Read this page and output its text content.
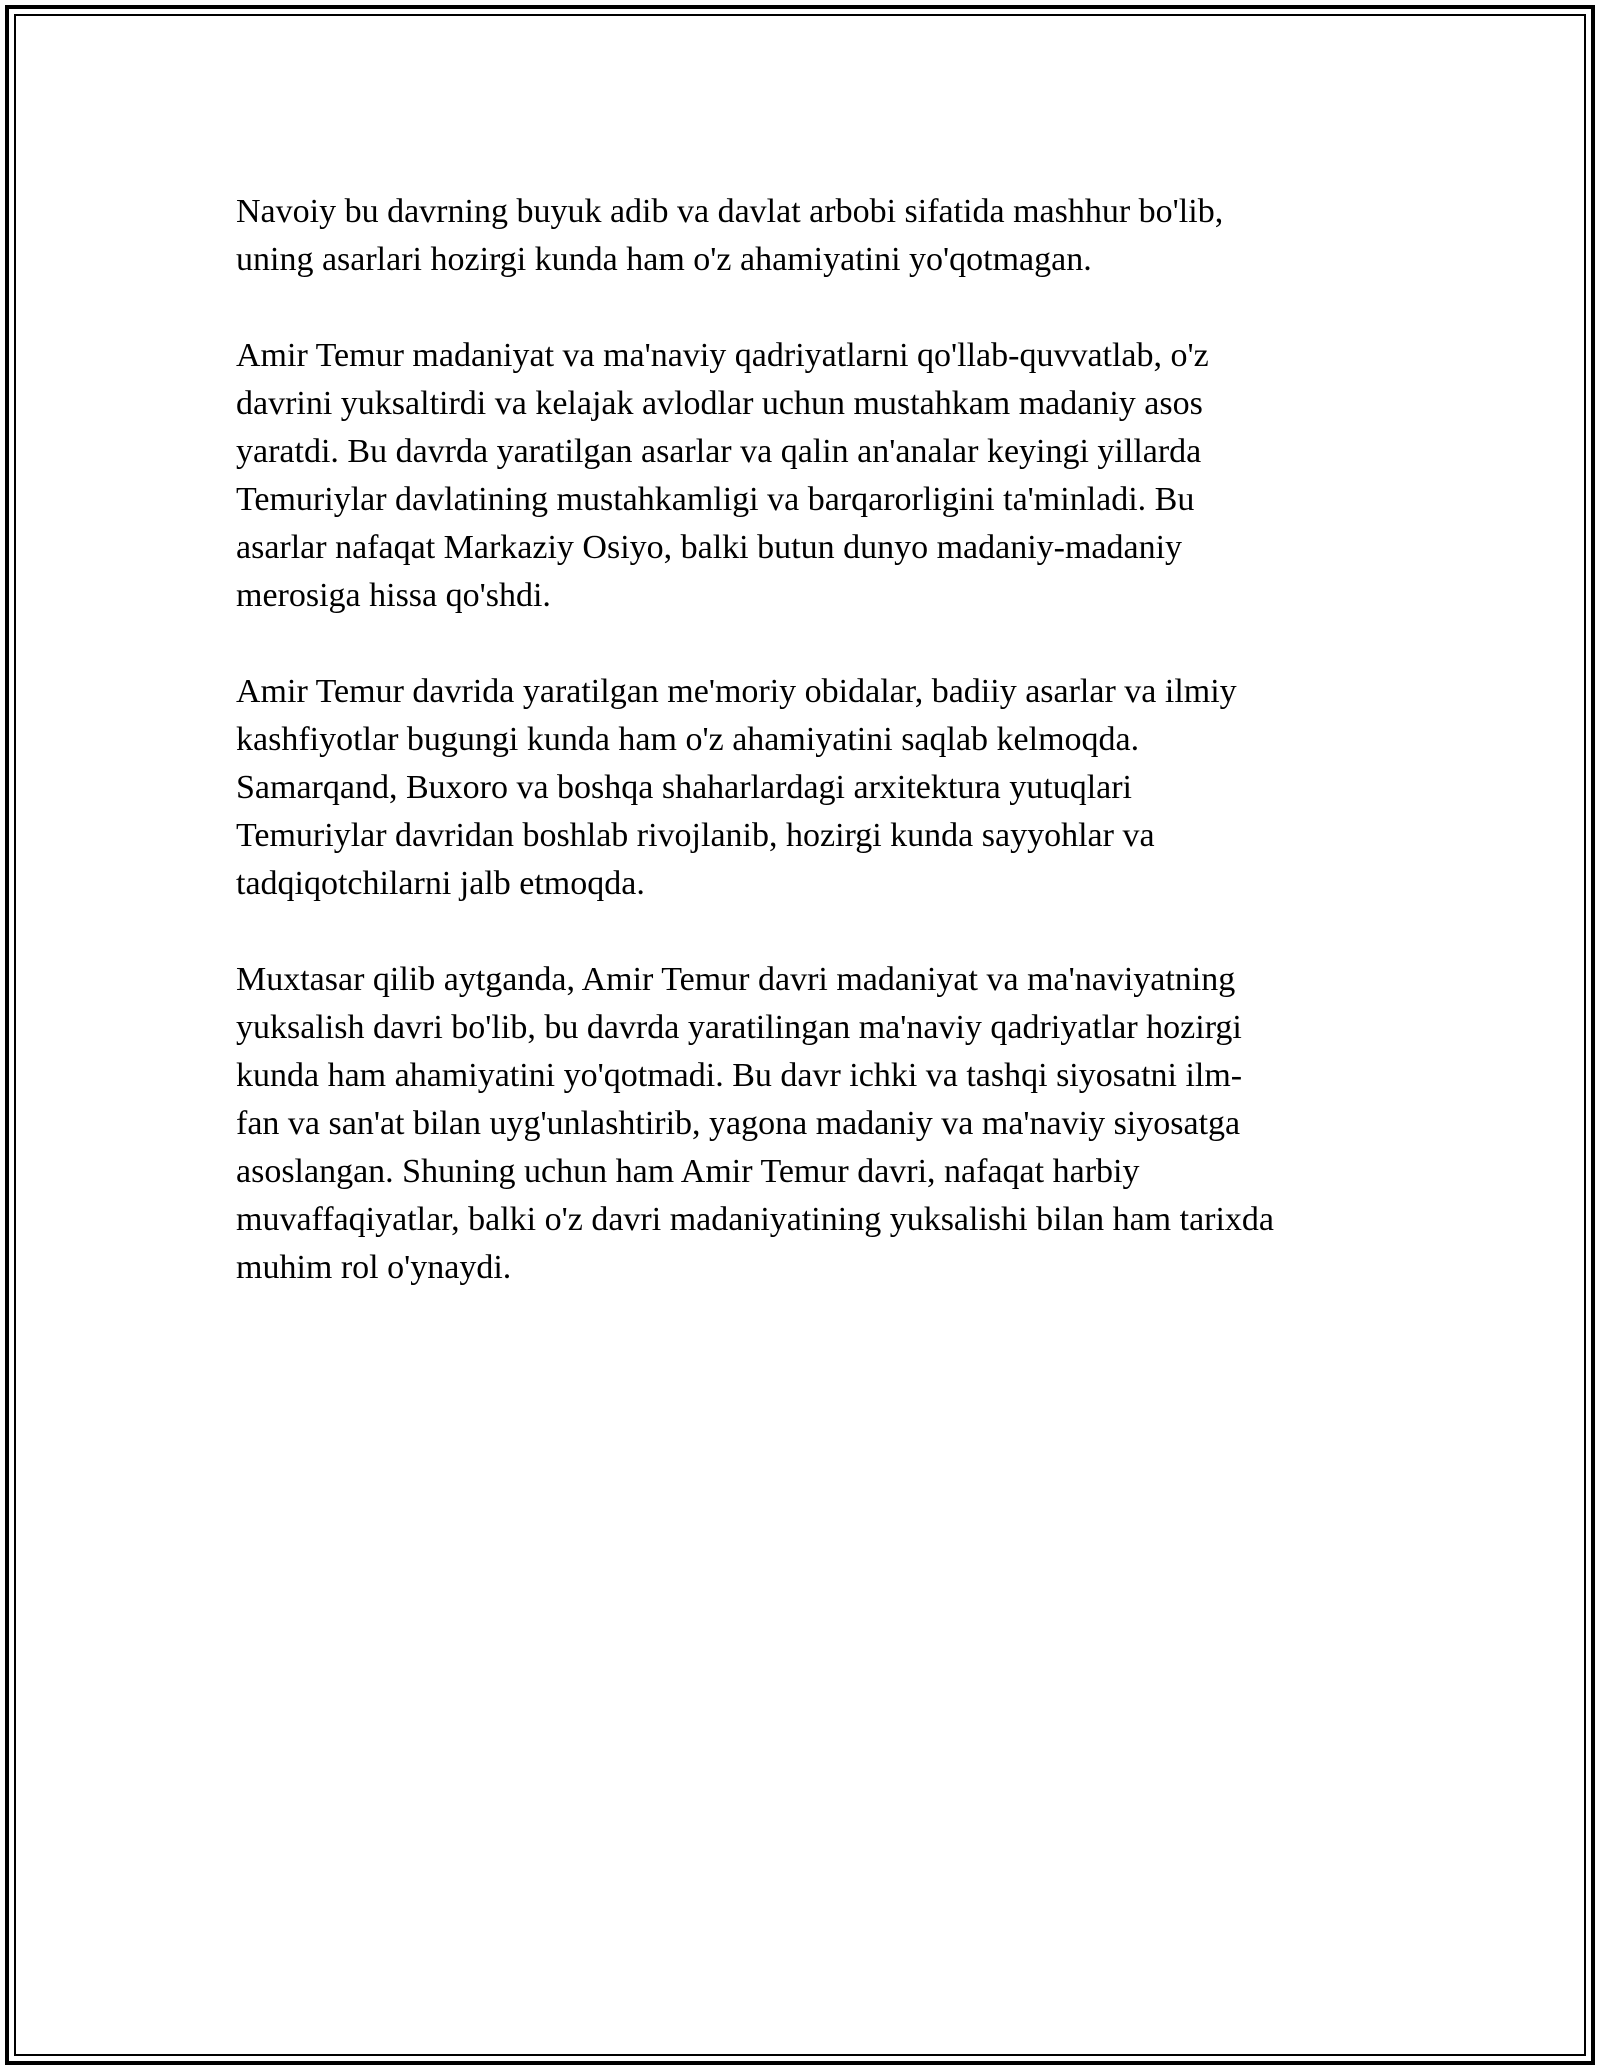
Navoiy bu davrning buyuk adib va davlat arbobi sifatida mashhur bo'lib,
uning asarlari hozirgi kunda ham o'z ahamiyatini yo'qotmagan.

Amir Temur madaniyat va ma'naviy qadriyatlarni qo'llab-quvvatlab, o'z
davrini yuksaltirdi va kelajak avlodlar uchun mustahkam madaniy asos
yaratdi. Bu davrda yaratilgan asarlar va qalin an'analar keyingi yillarda
Temuriylar davlatining mustahkamligi va barqarorligini ta'minladi. Bu
asarlar nafaqat Markaziy Osiyo, balki butun dunyo madaniy-madaniy
merosiga hissa qo'shdi.

Amir Temur davrida yaratilgan me'moriy obidalar, badiiy asarlar va ilmiy
kashfiyotlar bugungi kunda ham o'z ahamiyatini saqlab kelmoqda.
Samarqand, Buxoro va boshqa shaharlardagi arxitektura yutuqlari
Temuriylar davridan boshlab rivojlanib, hozirgi kunda sayyohlar va
tadqiqotchilarni jalb etmoqda.

Muxtasar qilib aytganda, Amir Temur davri madaniyat va ma'naviyatning
yuksalish davri bo'lib, bu davrda yaratilingan ma'naviy qadriyatlar hozirgi
kunda ham ahamiyatini yo'qotmadi. Bu davr ichki va tashqi siyosatni ilm-
fan va san'at bilan uyg'unlashtirib, yagona madaniy va ma'naviy siyosatga
asoslangan. Shuning uchun ham Amir Temur davri, nafaqat harbiy
muvaffaqiyatlar, balki o'z davri madaniyatining yuksalishi bilan ham tarixda
muhim rol o'ynaydi.
